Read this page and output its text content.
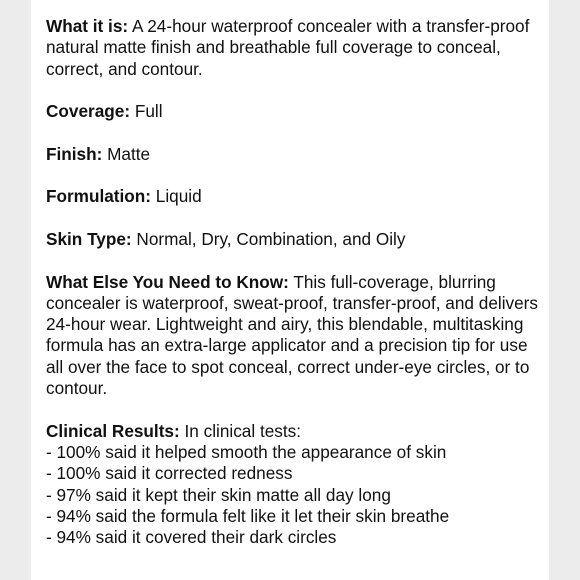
What it is: A 24-hour waterproof concealer with a transfer-proof natural matte finish and breathable full coverage to conceal, correct, and contour.

Coverage: Full

Finish: Matte

Formulation: Liquid

Skin Type: Normal, Dry, Combination, and Oily

What Else You Need to Know: This full-coverage, blurring concealer is waterproof, sweat-proof, transfer-proof, and delivers 24-hour wear. Lightweight and airy, this blendable, multitasking formula has an extra-large applicator and a precision tip for use all over the face to spot conceal, correct under-eye circles, or to contour.

Clinical Results: In clinical tests:
- 100% said it helped smooth the appearance of skin
- 100% said it corrected redness
- 97% said it kept their skin matte all day long
- 94% said the formula felt like it let their skin breathe
- 94% said it covered their dark circles
